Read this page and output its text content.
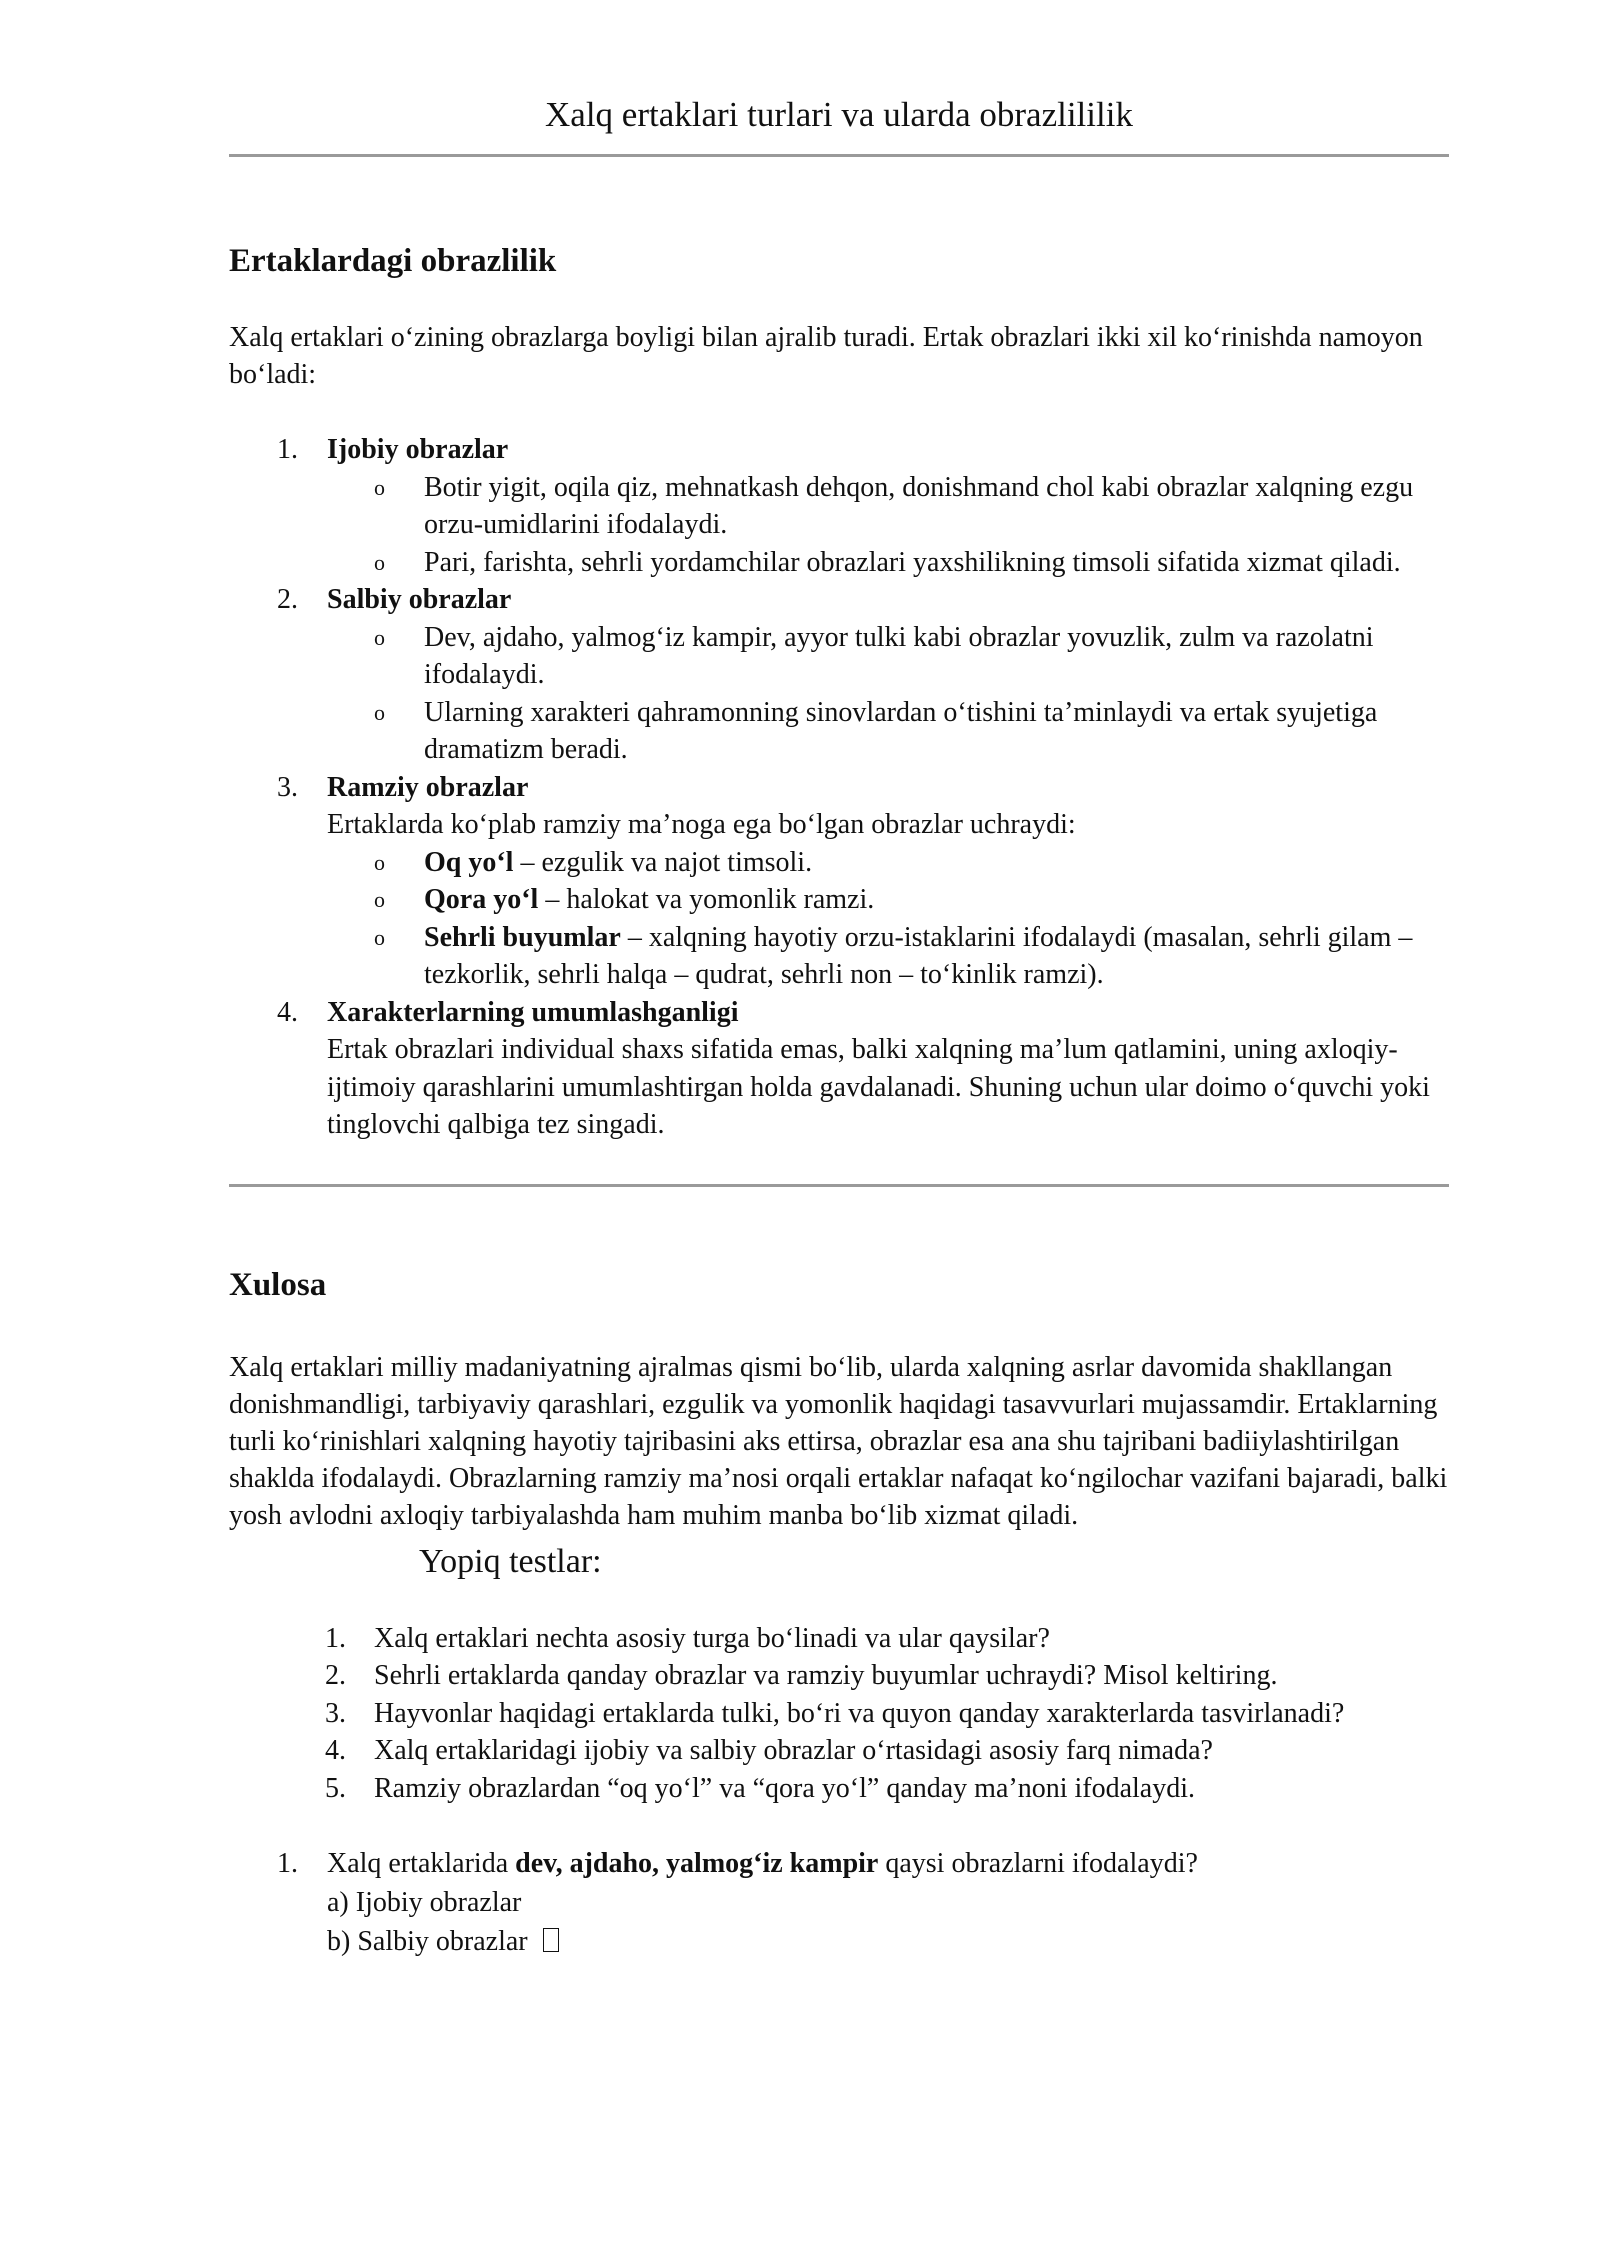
Xalq ertaklari turlari va ularda obrazlililik
Ertaklardagi obrazlilik

Xalq ertaklari o‘zining obrazlarga boyligi bilan ajralib turadi. Ertak obrazlari ikki xil ko‘rinishda namoyon bo‘ladi:

1. Ijobiy obrazlar
o Botir yigit, oqila qiz, mehnatkash dehqon, donishmand chol kabi obrazlar xalqning ezgu orzu-umidlarini ifodalaydi.
o Pari, farishta, sehrli yordamchilar obrazlari yaxshilikning timsoli sifatida xizmat qiladi.
2. Salbiy obrazlar
o Dev, ajdaho, yalmog‘iz kampir, ayyor tulki kabi obrazlar yovuzlik, zulm va razolatni ifodalaydi.
o Ularning xarakteri qahramonning sinovlardan o‘tishini ta’minlaydi va ertak syujetiga dramatizm beradi.
3. Ramziy obrazlar
Ertaklarda ko‘plab ramziy ma’noga ega bo‘lgan obrazlar uchraydi:
o Oq yo‘l – ezgulik va najot timsoli.
o Qora yo‘l – halokat va yomonlik ramzi.
o Sehrli buyumlar – xalqning hayotiy orzu-istaklarini ifodalaydi (masalan, sehrli gilam – tezkorlik, sehrli halqa – qudrat, sehrli non – to‘kinlik ramzi).
4. Xarakterlarning umumlashganligi
Ertak obrazlari individual shaxs sifatida emas, balki xalqning ma’lum qatlamini, uning axloqiy-ijtimoiy qarashlarini umumlashtirgan holda gavdalanadi. Shuning uchun ular doimo o‘quvchi yoki tinglovchi qalbiga tez singadi.
Xulosa

Xalq ertaklari milliy madaniyatning ajralmas qismi bo‘lib, ularda xalqning asrlar davomida shakllangan donishmandligi, tarbiyaviy qarashlari, ezgulik va yomonlik haqidagi tasavvurlari mujassamdir. Ertaklarning turli ko‘rinishlari xalqning hayotiy tajribasini aks ettirsa, obrazlar esa ana shu tajribani badiiylashtirilgan shaklda ifodalaydi. Obrazlarning ramziy ma’nosi orqali ertaklar nafaqat ko‘ngilochar vazifani bajaradi, balki yosh avlodni axloqiy tarbiyalashda ham muhim manba bo‘lib xizmat qiladi.

Yopiq testlar:
1. Xalq ertaklari nechta asosiy turga bo‘linadi va ular qaysilar?
2. Sehrli ertaklarda qanday obrazlar va ramziy buyumlar uchraydi? Misol keltiring.
3. Hayvonlar haqidagi ertaklarda tulki, bo‘ri va quyon qanday xarakterlarda tasvirlanadi?
4. Xalq ertaklaridagi ijobiy va salbiy obrazlar o‘rtasidagi asosiy farq nimada?
5. Ramziy obrazlardan “oq yo‘l” va “qora yo‘l” qanday ma’noni ifodalaydi.
1. Xalq ertaklarida dev, ajdaho, yalmog‘iz kampir qaysi obrazlarni ifodalaydi?
a) Ijobiy obrazlar
b) Salbiy obrazlar
